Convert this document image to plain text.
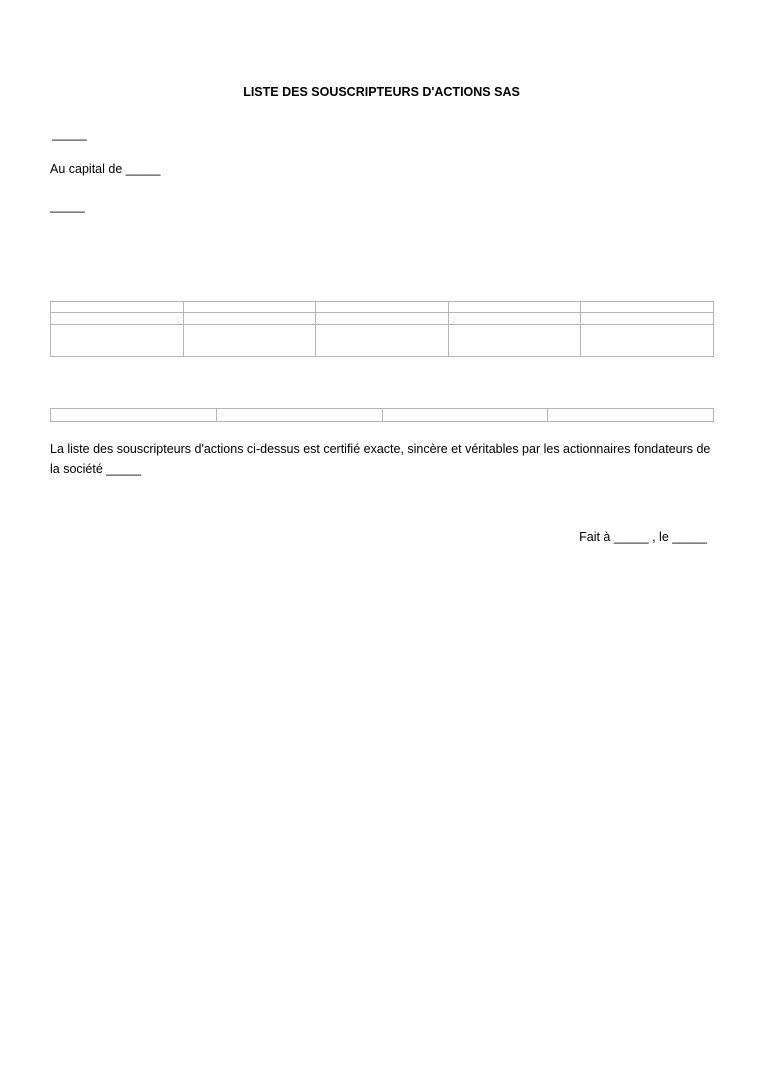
LISTE DES SOUSCRIPTEURS D'ACTIONS SAS

_____

Au capital de _____

_____

La liste des souscripteurs d'actions ci-dessus est certifié exacte, sincère et véritables par les actionnaires fondateurs de la société _____

Fait à _____ , le _____
